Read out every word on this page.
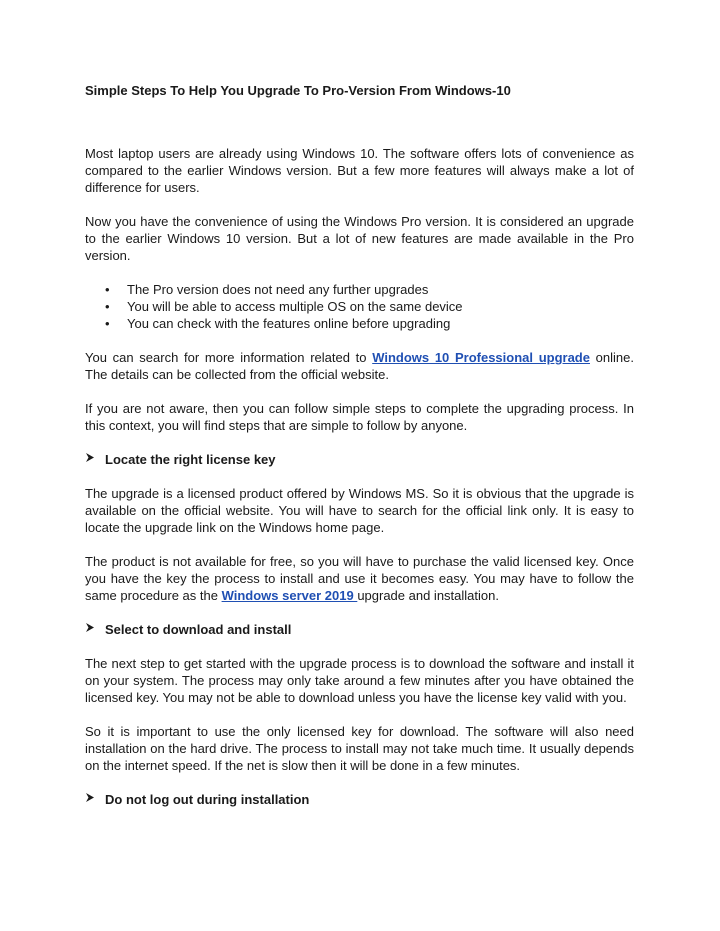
Simple Steps To Help You Upgrade To Pro-Version From Windows-10

Most laptop users are already using Windows 10. The software offers lots of convenience as compared to the earlier Windows version. But a few more features will always make a lot of difference for users.

Now you have the convenience of using the Windows Pro version. It is considered an upgrade to the earlier Windows 10 version. But a lot of new features are made available in the Pro version.

• The Pro version does not need any further upgrades
• You will be able to access multiple OS on the same device
• You can check with the features online before upgrading

You can search for more information related to Windows 10 Professional upgrade online. The details can be collected from the official website.

If you are not aware, then you can follow simple steps to complete the upgrading process. In this context, you will find steps that are simple to follow by anyone.

Locate the right license key

The upgrade is a licensed product offered by Windows MS. So it is obvious that the upgrade is available on the official website. You will have to search for the official link only. It is easy to locate the upgrade link on the Windows home page.

The product is not available for free, so you will have to purchase the valid licensed key. Once you have the key the process to install and use it becomes easy. You may have to follow the same procedure as the Windows server 2019 upgrade and installation.

Select to download and install

The next step to get started with the upgrade process is to download the software and install it on your system. The process may only take around a few minutes after you have obtained the licensed key. You may not be able to download unless you have the license key valid with you.

So it is important to use the only licensed key for download. The software will also need installation on the hard drive. The process to install may not take much time. It usually depends on the internet speed. If the net is slow then it will be done in a few minutes.

Do not log out during installation
